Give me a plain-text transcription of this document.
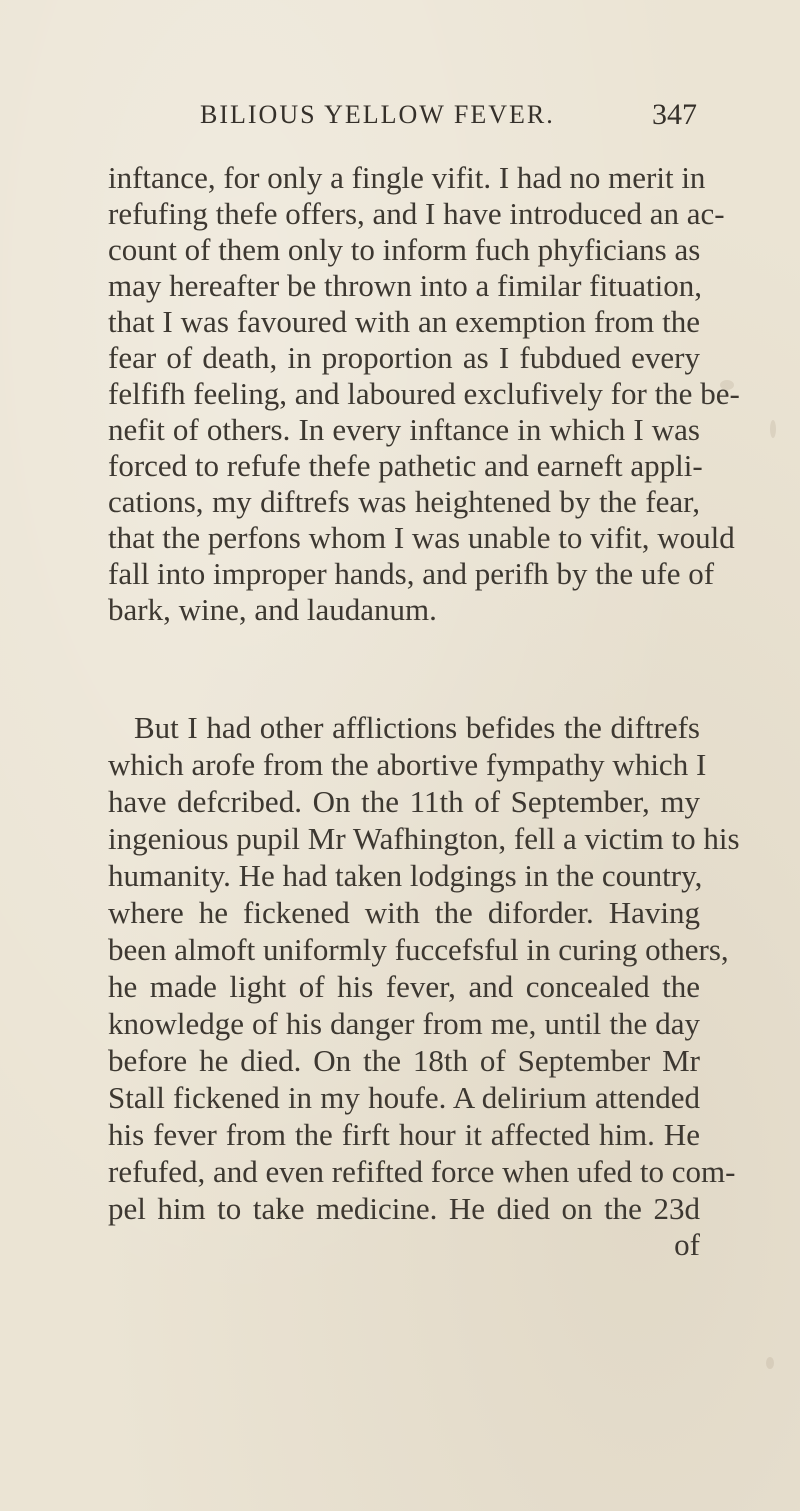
BILIOUS YELLOW FEVER.	347
inftance, for only a fingle vifit. I had no merit in
refufing thefe offers, and I have introduced an ac-
count of them only to inform fuch phyficians as
may hereafter be thrown into a fimilar fituation,
that I was favoured with an exemption from the
fear of death, in proportion as I fubdued every
felfifh feeling, and laboured exclufively for the be-
nefit of others. In every inftance in which I was
forced to refufe thefe pathetic and earneft appli-
cations, my diftrefs was heightened by the fear,
that the perfons whom I was unable to vifit, would
fall into improper hands, and perifh by the ufe of
bark, wine, and laudanum.
But I had other afflictions befides the diftrefs
which arofe from the abortive fympathy which I
have defcribed. On the 11th of September, my
ingenious pupil Mr Wafhington, fell a victim to his
humanity. He had taken lodgings in the country,
where he fickened with the diforder. Having
been almoft uniformly fuccefsful in curing others,
he made light of his fever, and concealed the
knowledge of his danger from me, until the day
before he died. On the 18th of September Mr
Stall fickened in my houfe. A delirium attended
his fever from the firft hour it affected him. He
refufed, and even refifted force when ufed to com-
pel him to take medicine. He died on the 23d
of
